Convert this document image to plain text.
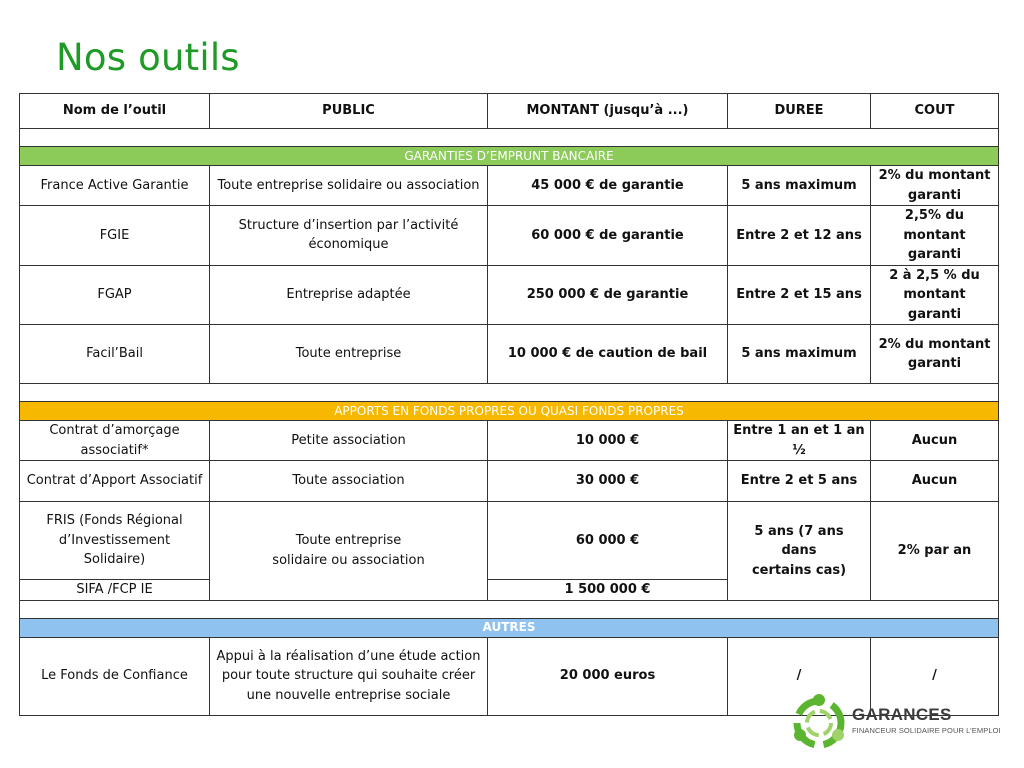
Nos outils
Nom de l’outil	PUBLIC	MONTANT (jusqu’à ...)	DUREE	COUT

GARANTIES D’EMPRUNT BANCAIRE				
France Active Garantie	Toute entreprise solidaire ou association	45 000 € de garantie	5 ans maximum	2% du montant garanti
FGIE	Structure d’insertion par l’activité économique	60 000 € de garantie	Entre 2 et 12 ans	2,5% du montant garanti
FGAP	Entreprise adaptée	250 000 € de garantie	Entre 2 et 15 ans	2 à 2,5 % du montant garanti
Facil’Bail	Toute entreprise	10 000 € de caution de bail	5 ans maximum	2% du montant garanti

APPORTS EN FONDS PROPRES OU QUASI FONDS PROPRES				
Contrat d’amorçage associatif*	Petite association	10 000 €	Entre 1 an et 1 an ½	Aucun
Contrat d’Apport Associatif	Toute association	30 000 €	Entre 2 et 5 ans	Aucun
FRIS (Fonds Régional d’Investissement Solidaire)	Toute entreprise solidaire ou association	60 000 €	5 ans (7 ans dans certains cas)	2% par an
SIFA /FCP IE		1 500 000 €		

AUTRES				
Le Fonds de Confiance	Appui à la réalisation d’une étude action pour toute structure qui souhaite créer une nouvelle entreprise sociale	20 000 euros	/	/
GARANCES
FINANCEUR SOLIDAIRE POUR L’EMPLOI
